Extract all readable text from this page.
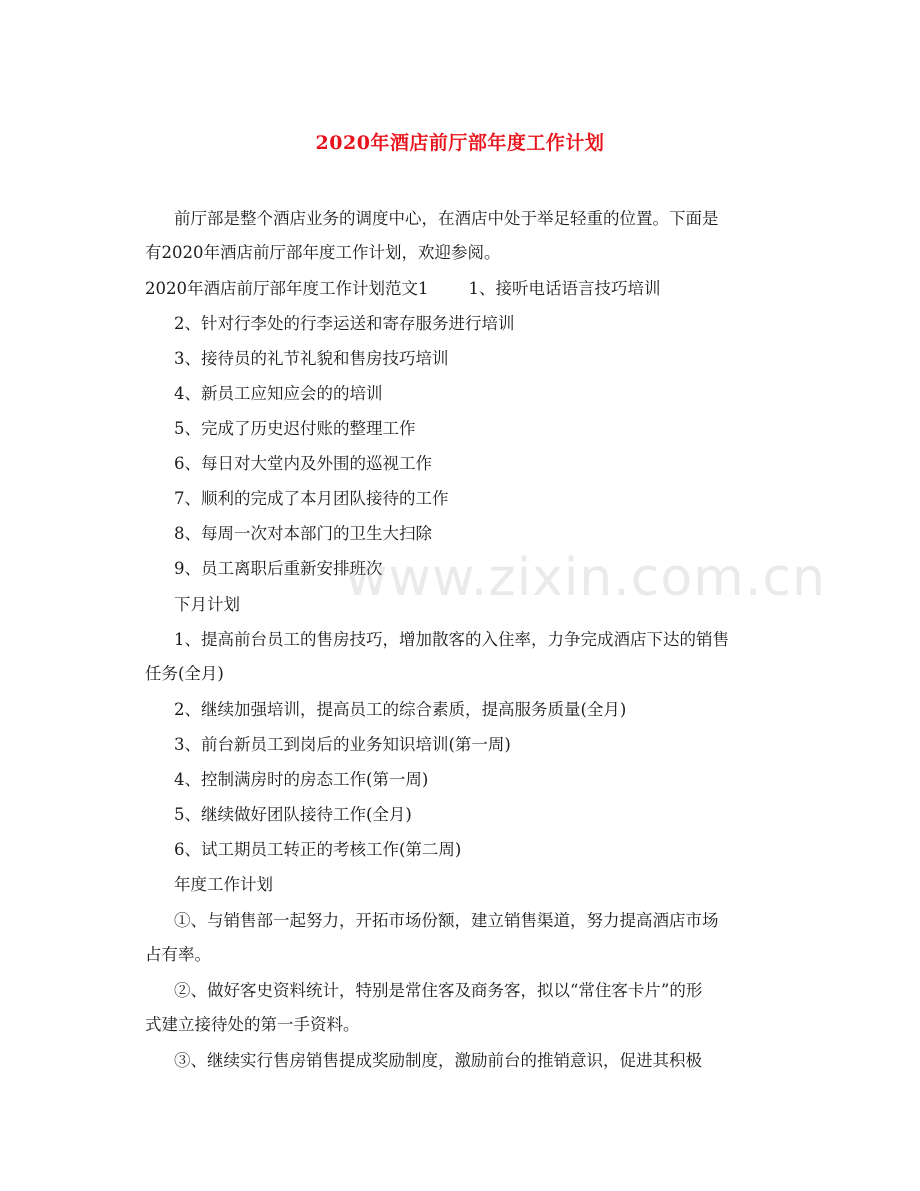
2020年酒店前厅部年度工作计划
前厅部是整个酒店业务的调度中心，在酒店中处于举足轻重的位置。下面是
有2020年酒店前厅部年度工作计划，欢迎参阅。
2020年酒店前厅部年度工作计划范文1 1、接听电话语言技巧培训
2、针对行李处的行李运送和寄存服务进行培训
3、接待员的礼节礼貌和售房技巧培训
4、新员工应知应会的的培训
5、完成了历史迟付账的整理工作
6、每日对大堂内及外围的巡视工作
7、顺利的完成了本月团队接待的工作
8、每周一次对本部门的卫生大扫除
9、员工离职后重新安排班次
下月计划
1、提高前台员工的售房技巧，增加散客的入住率，力争完成酒店下达的销售
任务(全月)
2、继续加强培训，提高员工的综合素质，提高服务质量(全月)
3、前台新员工到岗后的业务知识培训(第一周)
4、控制满房时的房态工作(第一周)
5、继续做好团队接待工作(全月)
6、试工期员工转正的考核工作(第二周)
年度工作计划
①、与销售部一起努力，开拓市场份额，建立销售渠道，努力提高酒店市场
占有率。
②、做好客史资料统计，特别是常住客及商务客，拟以“常住客卡片”的形
式建立接待处的第一手资料。
③、继续实行售房销售提成奖励制度，激励前台的推销意识，促进其积极
www.zixin.com.cn
